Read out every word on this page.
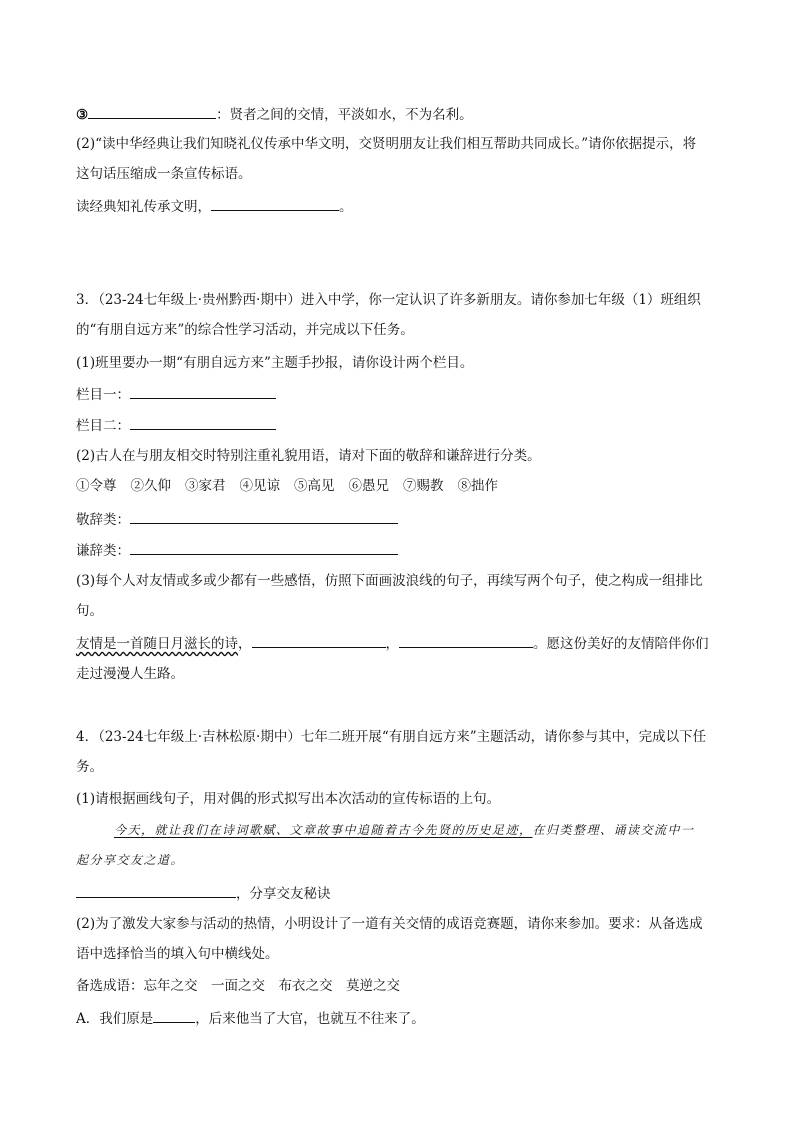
③	：贤者之间的交情，平淡如水，不为名利。
(2)“读中华经典让我们知晓礼仪传承中华文明，交贤明朋友让我们相互帮助共同成长。”请你依据提示，将
这句话压缩成一条宣传标语。
读经典知礼传承文明，	。
3．（23-24七年级上·贵州黔西·期中）进入中学，你一定认识了许多新朋友。请你参加七年级（1）班组织
的“有朋自远方来”的综合性学习活动，并完成以下任务。
(1)班里要办一期“有朋自远方来”主题手抄报，请你设计两个栏目。
栏目一：
栏目二：
(2)古人在与朋友相交时特别注重礼貌用语，请对下面的敬辞和谦辞进行分类。
①令尊 ②久仰 ③家君 ④见谅 ⑤高见 ⑥愚兄 ⑦赐教 ⑧拙作
敬辞类：
谦辞类：
(3)每个人对友情或多或少都有一些感悟，仿照下面画波浪线的句子，再续写两个句子，使之构成一组排比
句。
友情是一首随日月滋长的诗，	，	。愿这份美好的友情陪伴你们
走过漫漫人生路。
4．（23-24七年级上·吉林松原·期中）七年二班开展“有朋自远方来”主题活动，请你参与其中，完成以下任
务。
(1)请根据画线句子，用对偶的形式拟写出本次活动的宣传标语的上句。
今天，就让我们在诗词歌赋、文章故事中追随着古今先贤的历史足迹，在归类整理、诵读交流中一
起分享交友之道。
，分享交友秘诀
(2)为了激发大家参与活动的热情，小明设计了一道有关交情的成语竞赛题，请你来参加。要求：从备选成
语中选择恰当的填入句中横线处。
备选成语：忘年之交　一面之交　布衣之交　莫逆之交
A．我们原是	，后来他当了大官，也就互不往来了。
